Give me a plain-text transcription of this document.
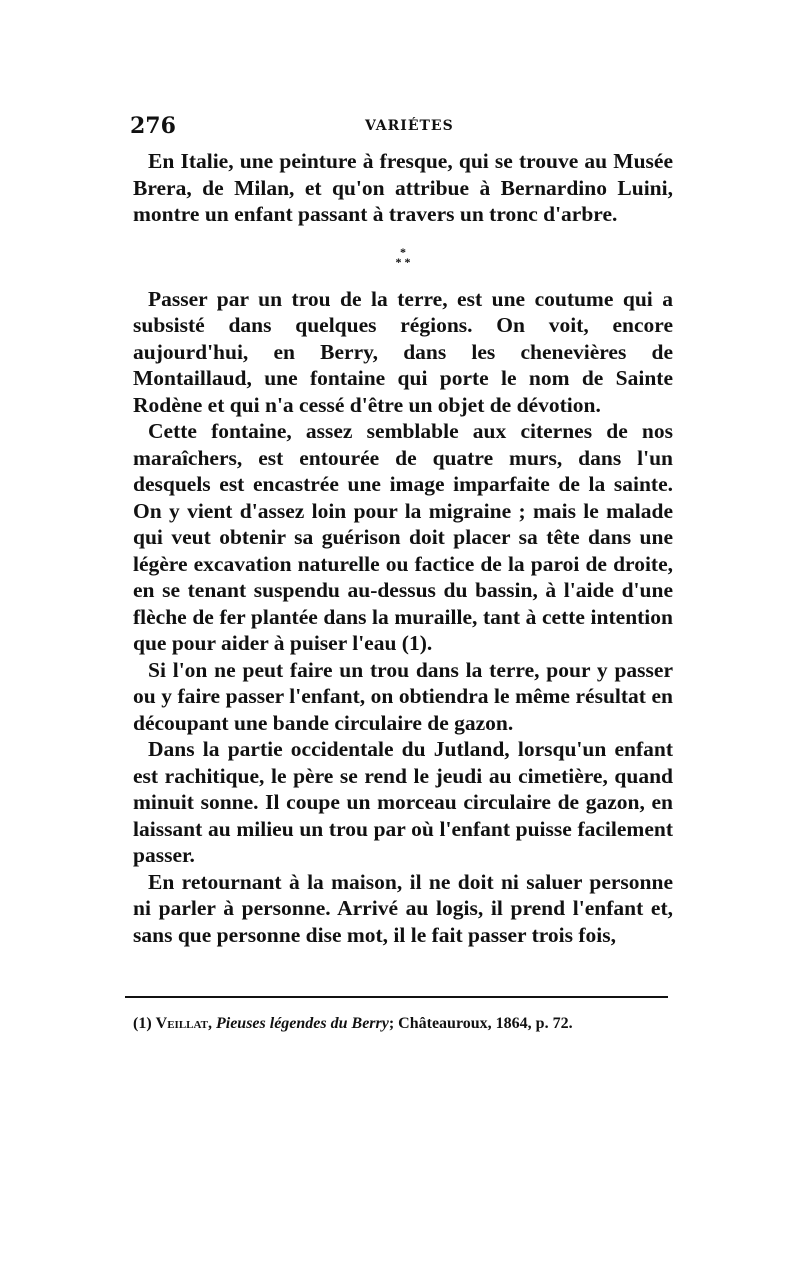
276	VARIÉTES

En Italie, une peinture à fresque, qui se trouve au Musée Brera, de Milan, et qu'on attribue à Bernardino Luini, montre un enfant passant à travers un tronc d'arbre.

*
* *

Passer par un trou de la terre, est une coutume qui a subsisté dans quelques régions. On voit, encore aujourd'hui, en Berry, dans les chenevières de Montaillaud, une fontaine qui porte le nom de Sainte Rodène et qui n'a cessé d'être un objet de dévotion.

Cette fontaine, assez semblable aux citernes de nos maraîchers, est entourée de quatre murs, dans l'un desquels est encastrée une image imparfaite de la sainte. On y vient d'assez loin pour la migraine ; mais le malade qui veut obtenir sa guérison doit placer sa tête dans une légère excavation naturelle ou factice de la paroi de droite, en se tenant suspendu au-dessus du bassin, à l'aide d'une flèche de fer plantée dans la muraille, tant à cette intention que pour aider à puiser l'eau (1).

Si l'on ne peut faire un trou dans la terre, pour y passer ou y faire passer l'enfant, on obtiendra le même résultat en découpant une bande circulaire de gazon.

Dans la partie occidentale du Jutland, lorsqu'un enfant est rachitique, le père se rend le jeudi au cimetière, quand minuit sonne. Il coupe un morceau circulaire de gazon, en laissant au milieu un trou par où l'enfant puisse facilement passer.

En retournant à la maison, il ne doit ni saluer personne ni parler à personne. Arrivé au logis, il prend l'enfant et, sans que personne dise mot, il le fait passer trois fois,

(1) Veillat, Pieuses légendes du Berry; Châteauroux, 1864, p. 72.
